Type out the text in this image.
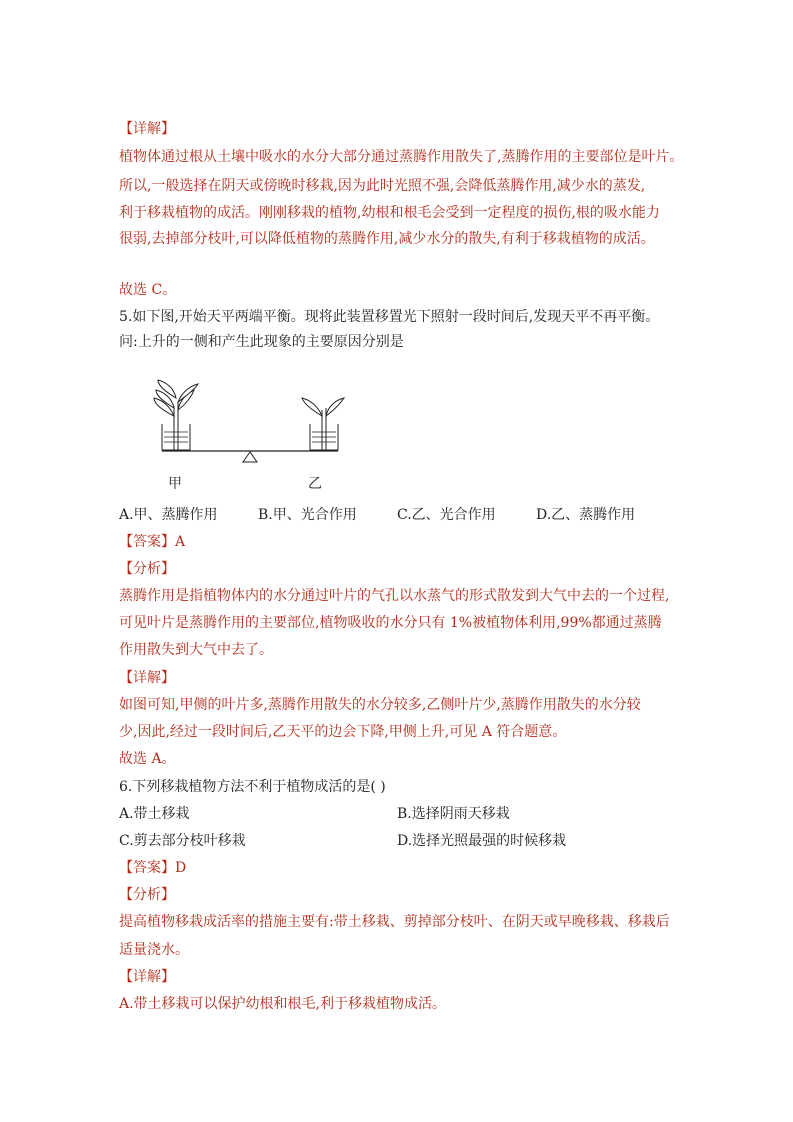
【详解】
植物体通过根从土壤中吸水的水分大部分通过蒸腾作用散失了,蒸腾作用的主要部位是叶片。
所以,一般选择在阴天或傍晚时移栽,因为此时光照不强,会降低蒸腾作用,减少水的蒸发,
利于移栽植物的成活。刚刚移栽的植物,幼根和根毛会受到一定程度的损伤,根的吸水能力
很弱,去掉部分枝叶,可以降低植物的蒸腾作用,减少水分的散失,有利于移栽植物的成活。
故选 C。
5.如下图,开始天平两端平衡。现将此装置移置光下照射一段时间后,发现天平不再平衡。
问:上升的一侧和产生此现象的主要原因分别是
甲	乙
A.甲、蒸腾作用	B.甲、光合作用	C.乙、光合作用	D.乙、蒸腾作用
【答案】A
【分析】
蒸腾作用是指植物体内的水分通过叶片的气孔以水蒸气的形式散发到大气中去的一个过程,
可见叶片是蒸腾作用的主要部位,植物吸收的水分只有 1%被植物体利用,99%都通过蒸腾
作用散失到大气中去了。
【详解】
如图可知,甲侧的叶片多,蒸腾作用散失的水分较多,乙侧叶片少,蒸腾作用散失的水分较
少,因此,经过一段时间后,乙天平的边会下降,甲侧上升,可见 A 符合题意。
故选 A。
6.下列移栽植物方法不利于植物成活的是( )
A.带土移栽	B.选择阴雨天移栽
C.剪去部分枝叶移栽	D.选择光照最强的时候移栽
【答案】D
【分析】
提高植物移栽成活率的措施主要有:带土移栽、剪掉部分枝叶、在阴天或早晚移栽、移栽后
适量浇水。
【详解】
A.带土移栽可以保护幼根和根毛,利于移栽植物成活。
